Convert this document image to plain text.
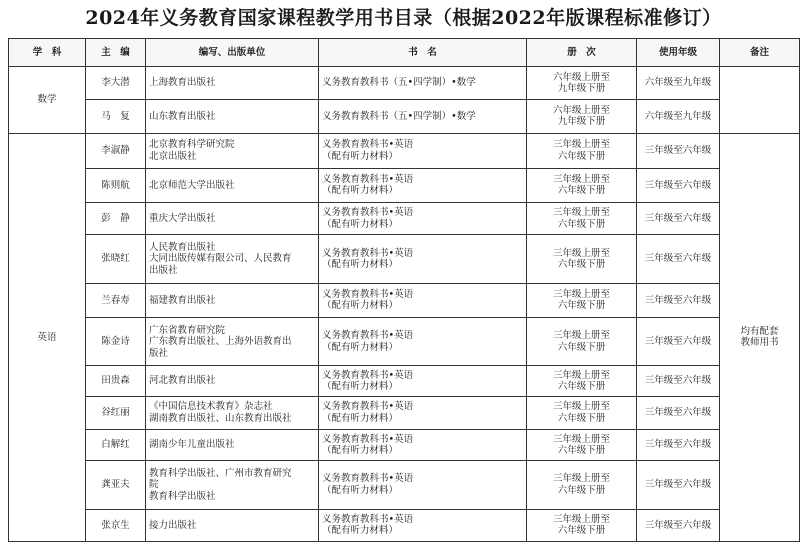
2024年义务教育国家课程教学用书目录（根据2022年版课程标准修订）
学　科	主　编	编写、出版单位	书　名	册　次	使用年级	备注
数学	李大潜	上海教育出版社	义务教育教科书（五•四学制）•数学	六年级上册至
九年级下册	六年级至九年级	
	马　复	山东教育出版社	义务教育教科书（五•四学制）•数学	六年级上册至
九年级下册	六年级至九年级	
英语	李淑静	北京教育科学研究院
北京出版社	义务教育教科书•英语
（配有听力材料）	三年级上册至
六年级下册	三年级至六年级	均有配套
教师用书
	陈则航	北京师范大学出版社	义务教育教科书•英语
（配有听力材料）	三年级上册至
六年级下册	三年级至六年级	
	彭　静	重庆大学出版社	义务教育教科书•英语
（配有听力材料）	三年级上册至
六年级下册	三年级至六年级	
	张晓红	人民教育出版社
大同出版传媒有限公司、人民教育
出版社	义务教育教科书•英语
（配有听力材料）	三年级上册至
六年级下册	三年级至六年级	
	兰春寿	福建教育出版社	义务教育教科书•英语
（配有听力材料）	三年级上册至
六年级下册	三年级至六年级	
	陈金诗	广东省教育研究院
广东教育出版社、上海外语教育出
版社	义务教育教科书•英语
（配有听力材料）	三年级上册至
六年级下册	三年级至六年级	
	田贵森	河北教育出版社	义务教育教科书•英语
（配有听力材料）	三年级上册至
六年级下册	三年级至六年级	
	谷红丽	《中国信息技术教育》杂志社
湖南教育出版社、山东教育出版社	义务教育教科书•英语
（配有听力材料）	三年级上册至
六年级下册	三年级至六年级	
	白解红	湖南少年儿童出版社	义务教育教科书•英语
（配有听力材料）	三年级上册至
六年级下册	三年级至六年级	
	龚亚夫	教育科学出版社、广州市教育研究
院
教育科学出版社	义务教育教科书•英语
（配有听力材料）	三年级上册至
六年级下册	三年级至六年级	
	张京生	接力出版社	义务教育教科书•英语
（配有听力材料）	三年级上册至
六年级下册	三年级至六年级	
